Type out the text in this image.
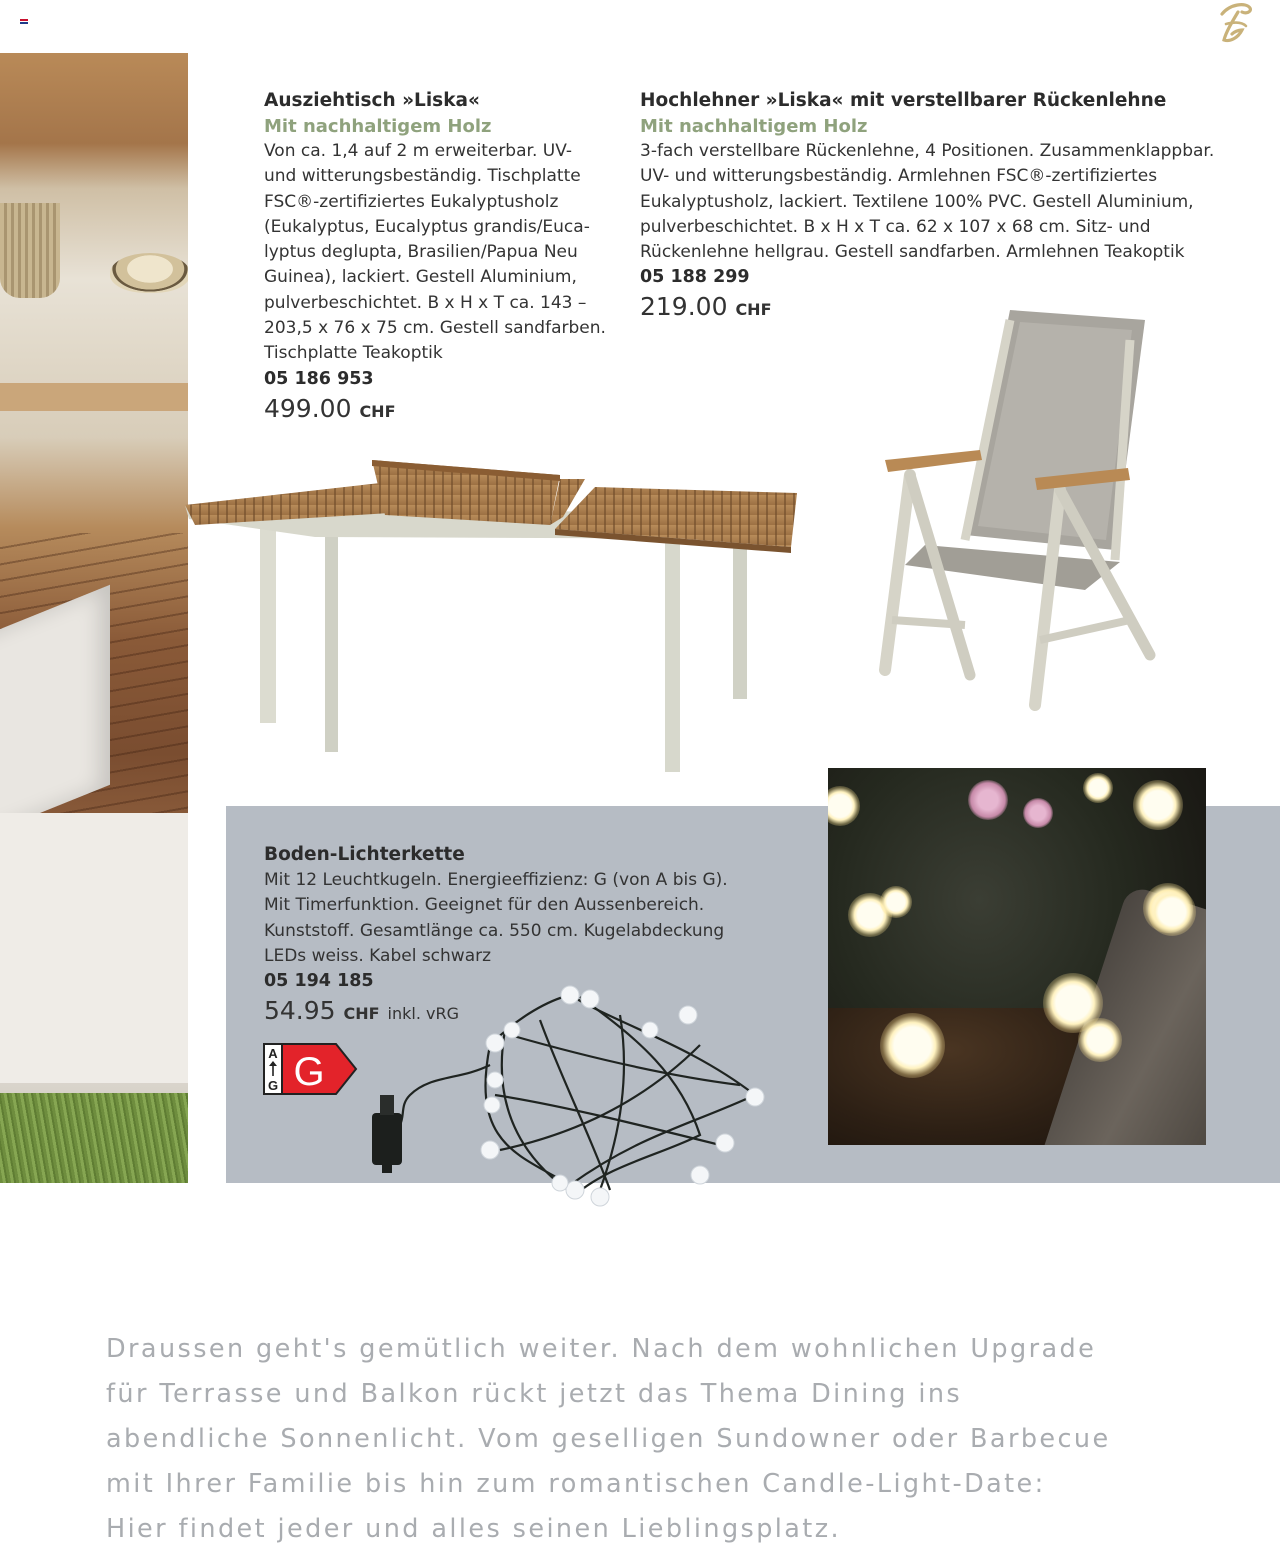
Ausziehtisch »Liska«
Mit nachhaltigem Holz
Von ca. 1,4 auf 2 m erweiterbar. UV-
und witterungsbeständig. Tischplatte
FSC®-zertifiziertes Eukalyptusholz
(Eukalyptus, Eucalyptus grandis/Euca-
lyptus deglupta, Brasilien/Papua Neu
Guinea), lackiert. Gestell Aluminium,
pulverbeschichtet. B x H x T ca. 143 –
203,5 x 76 x 75 cm. Gestell sandfarben.
Tischplatte Teakoptik
05 186 953
499.00 CHF
Hochlehner »Liska« mit verstellbarer Rückenlehne
Mit nachhaltigem Holz
3-fach verstellbare Rückenlehne, 4 Positionen. Zusammenklappbar.
UV- und witterungsbeständig. Armlehnen FSC®-zertifiziertes
Eukalyptusholz, lackiert. Textilene 100% PVC. Gestell Aluminium,
pulverbeschichtet. B x H x T ca. 62 x 107 x 68 cm. Sitz- und
Rückenlehne hellgrau. Gestell sandfarben. Armlehnen Teakoptik
05 188 299
219.00 CHF
Boden-Lichterkette
Mit 12 Leuchtkugeln. Energieeffizienz: G (von A bis G).
Mit Timerfunktion. Geeignet für den Aussenbereich.
Kunststoff. Gesamtlänge ca. 550 cm. Kugelabdeckung
LEDs weiss. Kabel schwarz
05 194 185
54.95 CHF inkl. vRG
A
G G
Draussen geht's gemütlich weiter. Nach dem wohnlichen Upgrade
für Terrasse und Balkon rückt jetzt das Thema Dining ins
abendliche Sonnenlicht. Vom geselligen Sundowner oder Barbecue
mit Ihrer Familie bis hin zum romantischen Candle-Light-Date:
Hier findet jeder und alles seinen Lieblingsplatz.
